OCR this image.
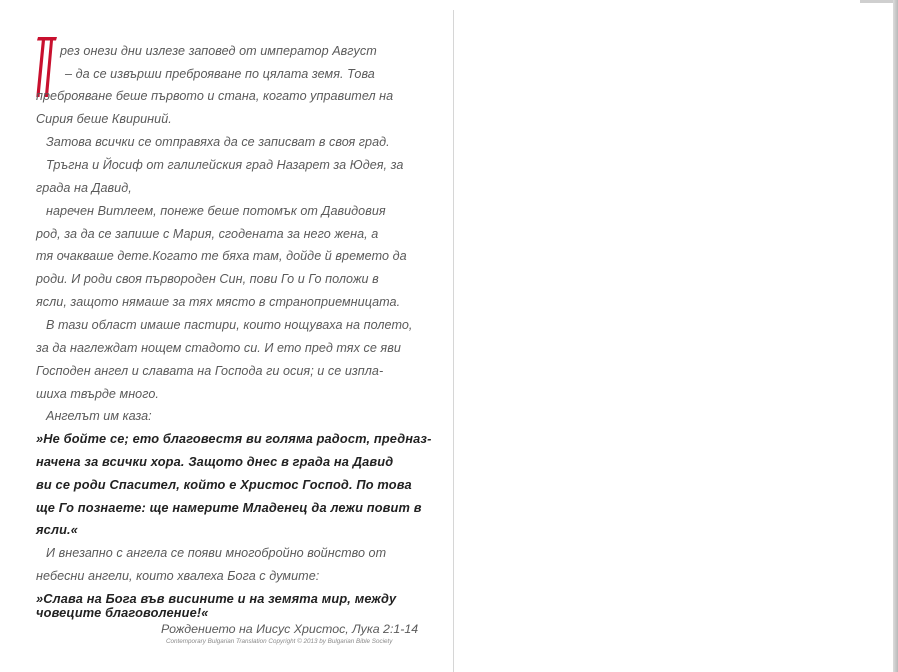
рез онези дни излезе заповед от император Август
– да се извърши преброяване по цялата земя. Това
преброяване беше първото и стана, когато управител на
Сирия беше Квириний.
Затова всички се отправяха да се записват в своя град.
Тръгна и Йосиф от галилейския град Назарет за Юдея, за
града на Давид,
наречен Витлеем, понеже беше потомък от Давидовия
род, за да се запише с Мария, сгодената за него жена, а
тя очакваше дете.Когато те бяха там, дойде й времето да
роди. И роди своя първороден Син, пови Го и Го положи в
ясли, защото нямаше за тях място в страноприемницата.
В тази област имаше пастири, които нощуваха на полето,
за да наглеждат нощем стадото си. И ето пред тях се яви
Господен ангел и славата на Господа ги осия; и се изпла-
шиха твърде много.
Ангелът им каза:
»Не бойте се; ето благовестя ви голяма радост, предназ-
начена за всички хора. Защото днес в града на Давид
ви се роди Спасител, който е Христос Господ. По това
ще Го познаете: ще намерите Младенец да лежи повит в
ясли.«
И внезапно с ангела се появи многобройно войнство от
небесни ангели, които хвалеха Бога с думите:
»Слава на Бога във висините и на земята мир, между
човеците благоволение!«
Рождението на Иисус Христос, Лука 2:1-14
Contemporary Bulgarian Translation Copyright © 2013 by Bulgarian Bible Society
